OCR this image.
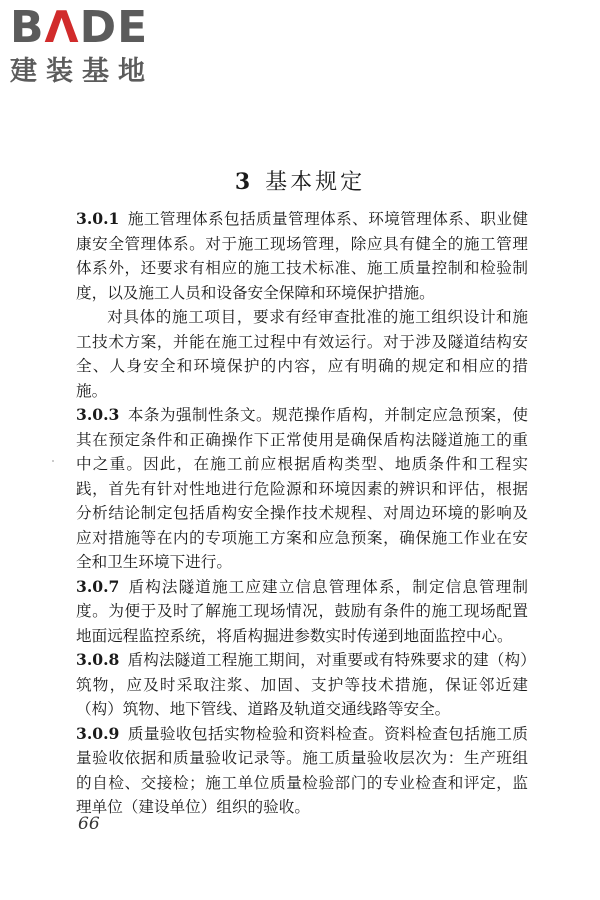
B Λ DE
建装基地
3 基本规定

3.0.1 施工管理体系包括质量管理体系、环境管理体系、职业健康安全管理体系。对于施工现场管理，除应具有健全的施工管理体系外，还要求有相应的施工技术标准、施工质量控制和检验制度，以及施工人员和设备安全保障和环境保护措施。

对具体的施工项目，要求有经审查批准的施工组织设计和施工技术方案，并能在施工过程中有效运行。对于涉及隧道结构安全、人身安全和环境保护的内容，应有明确的规定和相应的措施。

3.0.3 本条为强制性条文。规范操作盾构，并制定应急预案，使其在预定条件和正确操作下正常使用是确保盾构法隧道施工的重中之重。因此，在施工前应根据盾构类型、地质条件和工程实践，首先有针对性地进行危险源和环境因素的辨识和评估，根据分析结论制定包括盾构安全操作技术规程、对周边环境的影响及应对措施等在内的专项施工方案和应急预案，确保施工作业在安全和卫生环境下进行。

3.0.7 盾构法隧道施工应建立信息管理体系，制定信息管理制度。为便于及时了解施工现场情况，鼓励有条件的施工现场配置地面远程监控系统，将盾构掘进参数实时传递到地面监控中心。

3.0.8 盾构法隧道工程施工期间，对重要或有特殊要求的建（构）筑物，应及时采取注浆、加固、支护等技术措施，保证邻近建（构）筑物、地下管线、道路及轨道交通线路等安全。

3.0.9 质量验收包括实物检验和资料检查。资料检查包括施工质量验收依据和质量验收记录等。施工质量验收层次为：生产班组的自检、交接检；施工单位质量检验部门的专业检查和评定，监理单位（建设单位）组织的验收。

66
